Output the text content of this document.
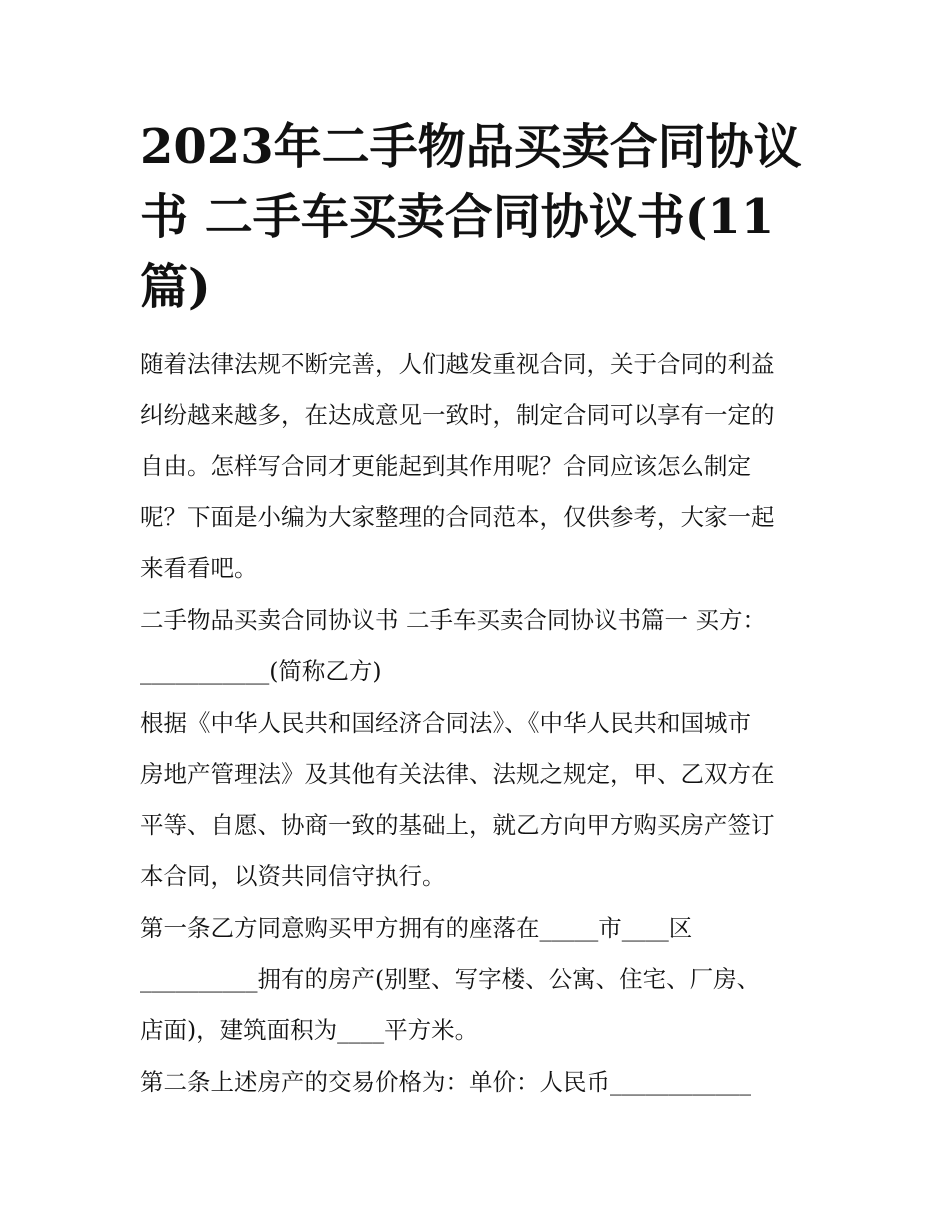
2023年二手物品买卖合同协议
书 二手车买卖合同协议书(11
篇)
随着法律法规不断完善，人们越发重视合同，关于合同的利益
纠纷越来越多，在达成意见一致时，制定合同可以享有一定的
自由。怎样写合同才更能起到其作用呢？合同应该怎么制定
呢？下面是小编为大家整理的合同范本，仅供参考，大家一起
来看看吧。
二手物品买卖合同协议书 二手车买卖合同协议书篇一 买方：
___________(简称乙方)
根据《中华人民共和国经济合同法》、《中华人民共和国城市
房地产管理法》及其他有关法律、法规之规定，甲、乙双方在
平等、自愿、协商一致的基础上，就乙方向甲方购买房产签订
本合同，以资共同信守执行。
第一条乙方同意购买甲方拥有的座落在_____市____区
__________拥有的房产(别墅、写字楼、公寓、住宅、厂房、
店面)，建筑面积为____平方米。
第二条上述房产的交易价格为：单价：人民币____________
